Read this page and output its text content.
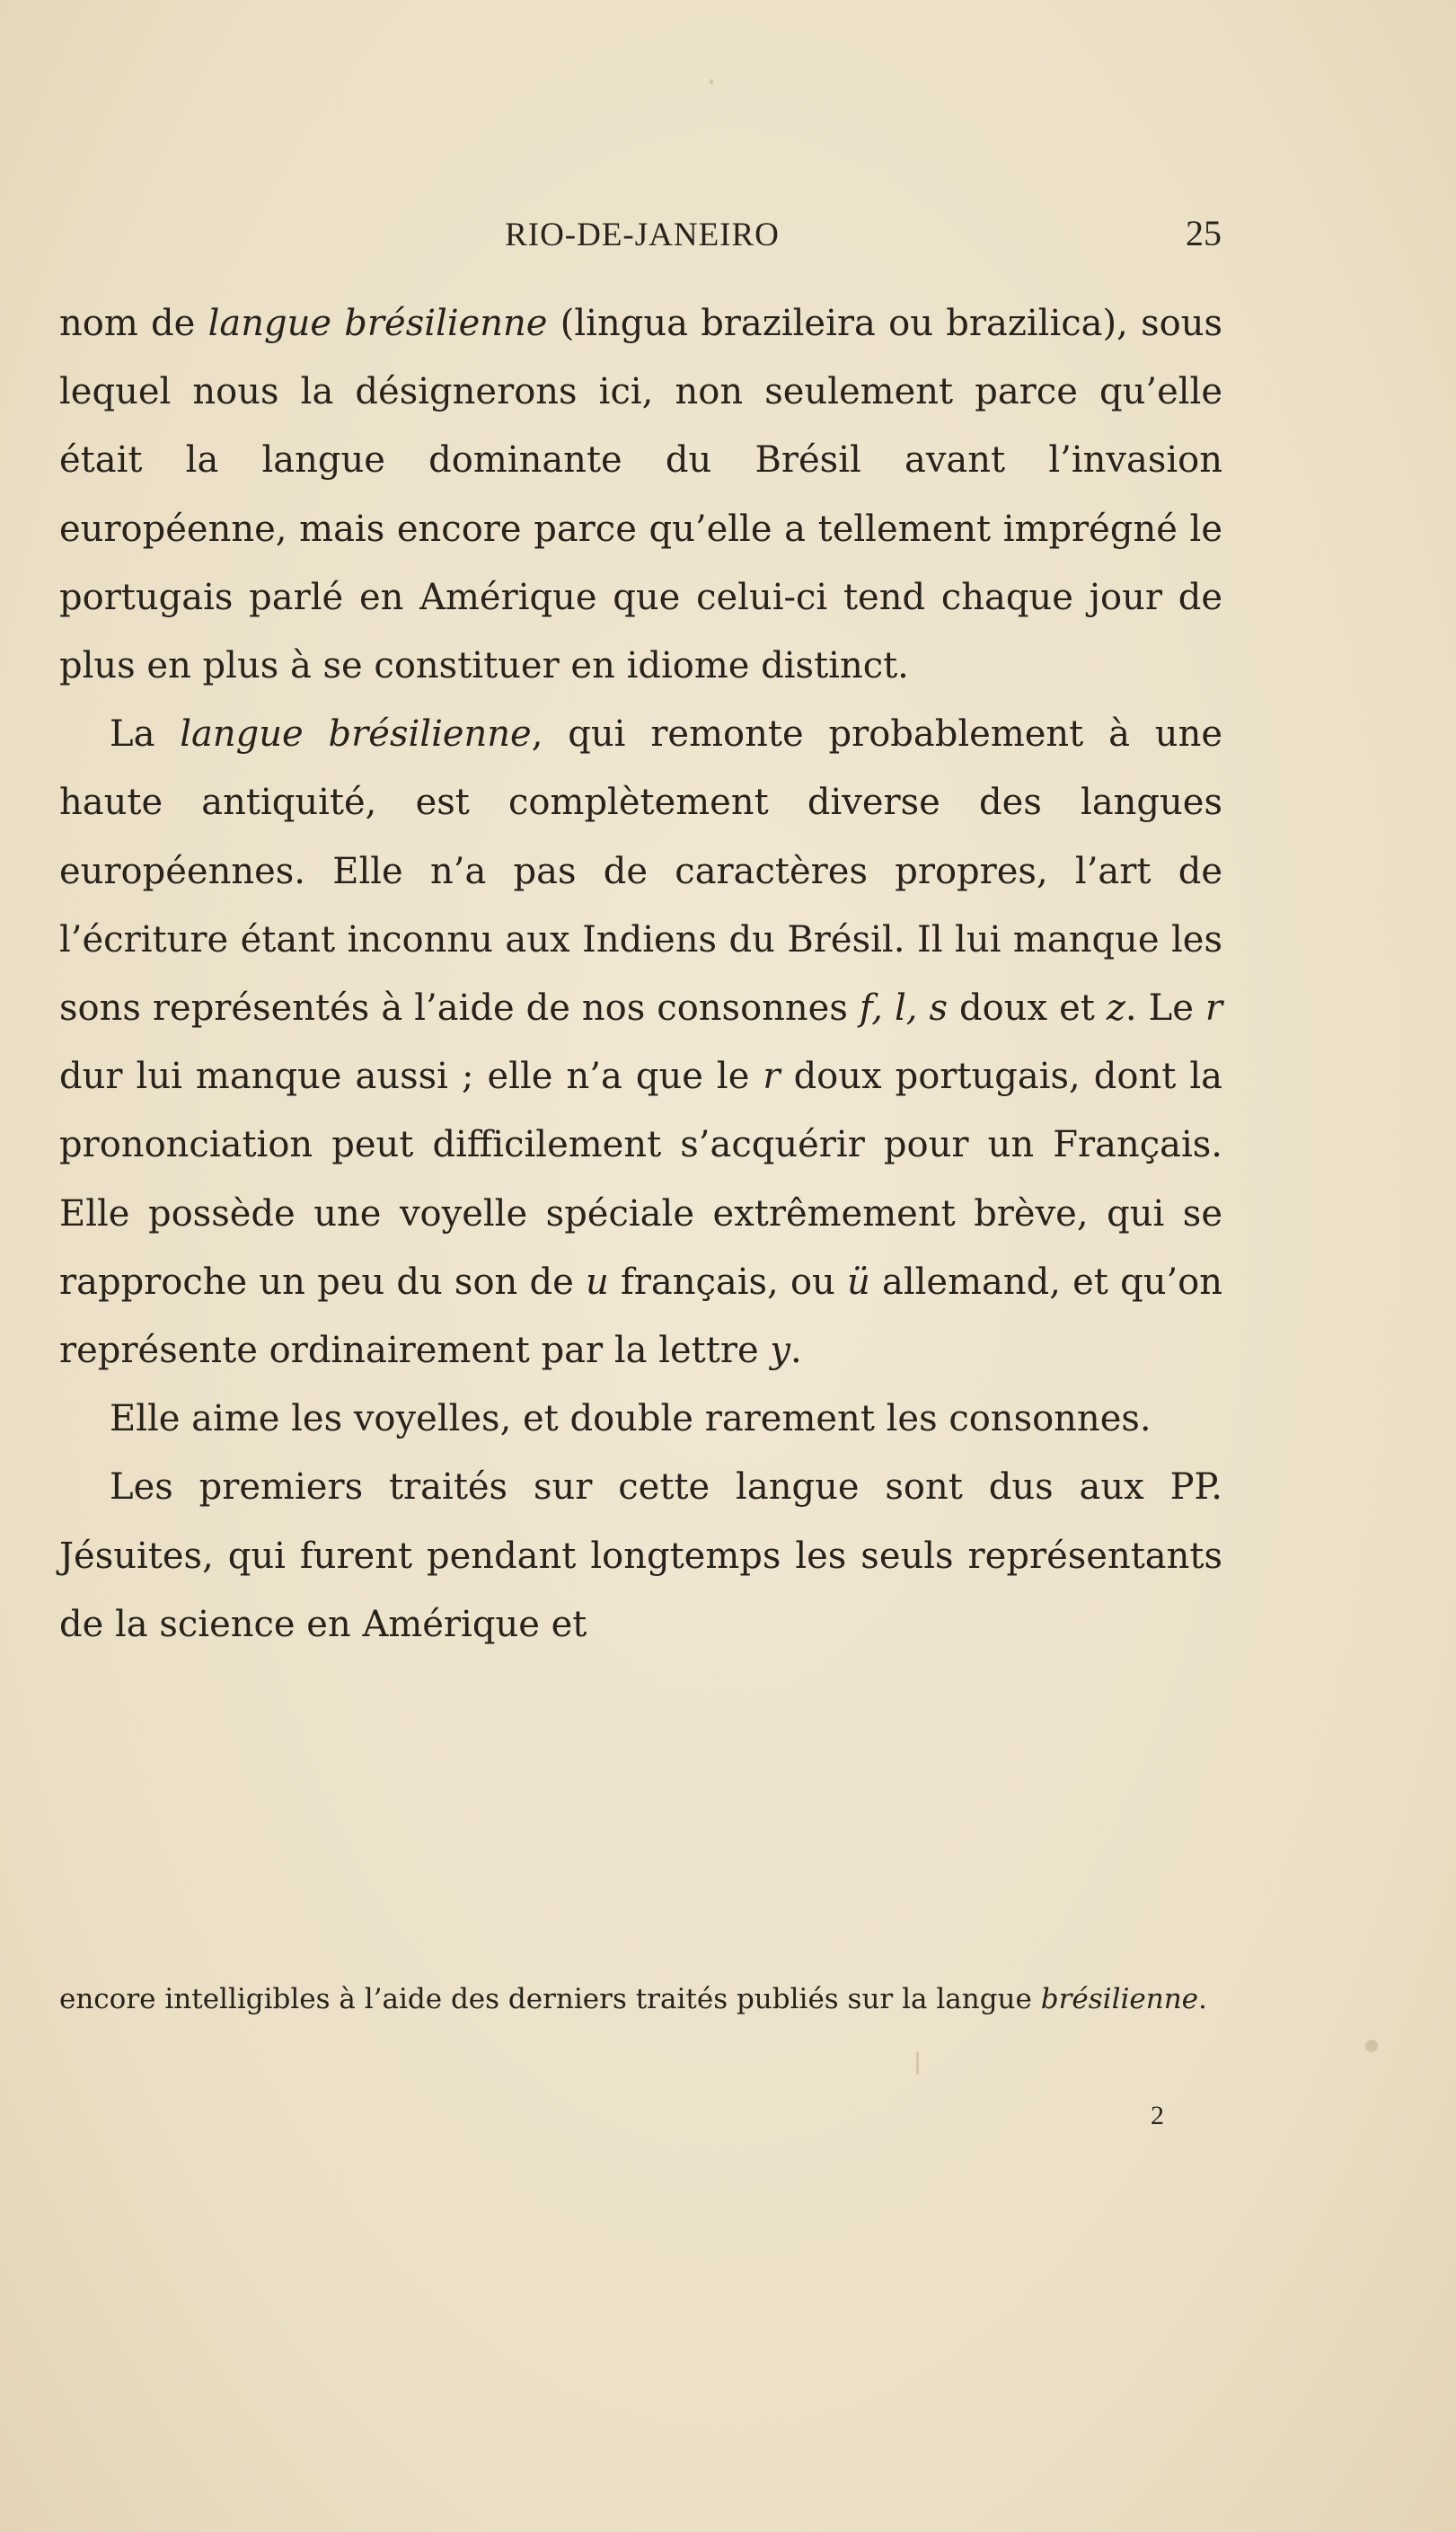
RIO-DE-JANEIRO	25

nom de langue brésilienne (lingua brazileira ou brazilica), sous lequel nous la désignerons ici, non seulement parce qu’elle était la langue dominante du Brésil avant l’invasion européenne, mais encore parce qu’elle a tellement imprégné le portugais parlé en Amérique que celui-ci tend chaque jour de plus en plus à se constituer en idiome distinct.

La langue brésilienne, qui remonte probablement à une haute antiquité, est complètement diverse des langues européennes. Elle n’a pas de caractères propres, l’art de l’écriture étant inconnu aux Indiens du Brésil. Il lui manque les sons représentés à l’aide de nos consonnes f, l, s doux et z. Le r dur lui manque aussi ; elle n’a que le r doux portugais, dont la prononciation peut difficilement s’acquérir pour un Français. Elle possède une voyelle spéciale extrêmement brève, qui se rapproche un peu du son de u français, ou ü allemand, et qu’on représente ordinairement par la lettre y.

Elle aime les voyelles, et double rarement les consonnes.

Les premiers traités sur cette langue sont dus aux PP. Jésuites, qui furent pendant longtemps les seuls représentants de la science en Amérique et

encore intelligibles à l’aide des derniers traités publiés sur la langue brésilienne.
2
